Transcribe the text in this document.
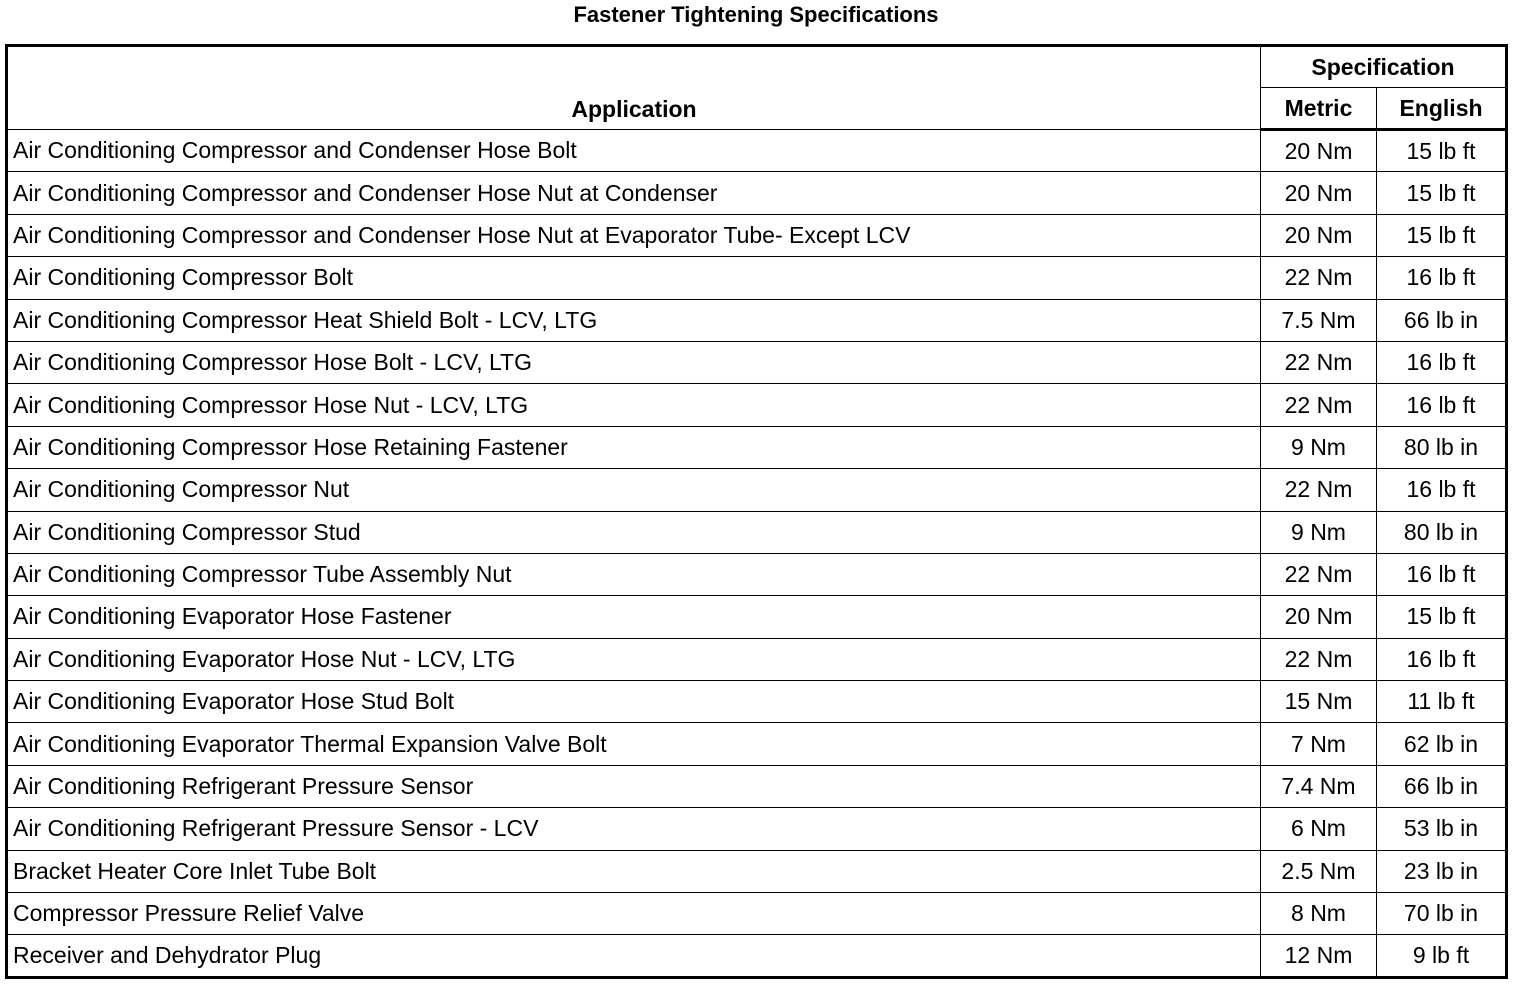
Fastener Tightening Specifications
Application	Specification	
	Metric	English
Air Conditioning Compressor and Condenser Hose Bolt	20 Nm	15 lb ft
Air Conditioning Compressor and Condenser Hose Nut at Condenser	20 Nm	15 lb ft
Air Conditioning Compressor and Condenser Hose Nut at Evaporator Tube- Except LCV	20 Nm	15 lb ft
Air Conditioning Compressor Bolt	22 Nm	16 lb ft
Air Conditioning Compressor Heat Shield Bolt - LCV, LTG	7.5 Nm	66 lb in
Air Conditioning Compressor Hose Bolt - LCV, LTG	22 Nm	16 lb ft
Air Conditioning Compressor Hose Nut - LCV, LTG	22 Nm	16 lb ft
Air Conditioning Compressor Hose Retaining Fastener	9 Nm	80 lb in
Air Conditioning Compressor Nut	22 Nm	16 lb ft
Air Conditioning Compressor Stud	9 Nm	80 lb in
Air Conditioning Compressor Tube Assembly Nut	22 Nm	16 lb ft
Air Conditioning Evaporator Hose Fastener	20 Nm	15 lb ft
Air Conditioning Evaporator Hose Nut - LCV, LTG	22 Nm	16 lb ft
Air Conditioning Evaporator Hose Stud Bolt	15 Nm	11 lb ft
Air Conditioning Evaporator Thermal Expansion Valve Bolt	7 Nm	62 lb in
Air Conditioning Refrigerant Pressure Sensor	7.4 Nm	66 lb in
Air Conditioning Refrigerant Pressure Sensor - LCV	6 Nm	53 lb in
Bracket Heater Core Inlet Tube Bolt	2.5 Nm	23 lb in
Compressor Pressure Relief Valve	8 Nm	70 lb in
Receiver and Dehydrator Plug	12 Nm	9 lb ft
